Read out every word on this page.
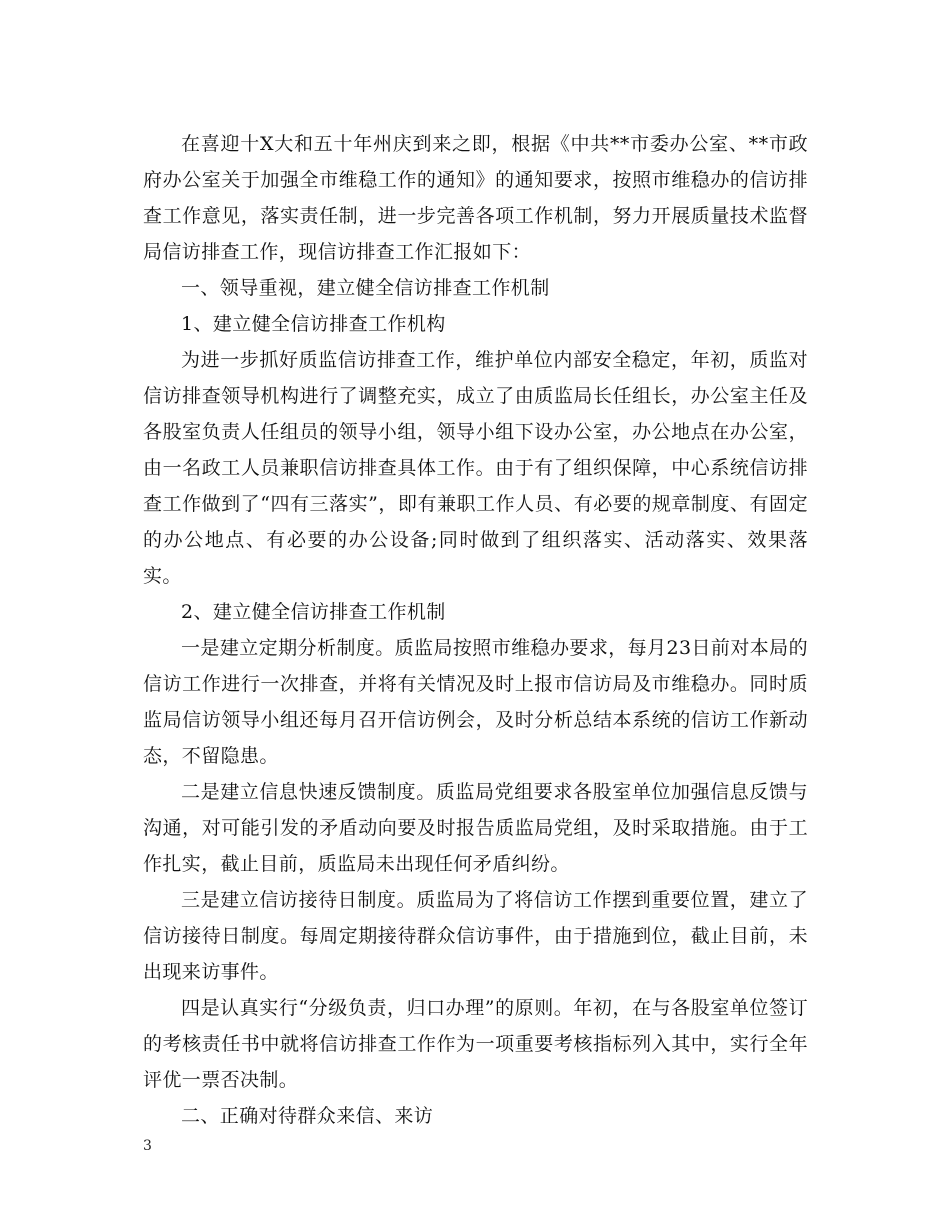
在喜迎十X大和五十年州庆到来之即，根据《中共**市委办公室、**市政府办公室关于加强全市维稳工作的通知》的通知要求，按照市维稳办的信访排查工作意见，落实责任制，进一步完善各项工作机制，努力开展质量技术监督局信访排查工作，现信访排查工作汇报如下：

一、领导重视，建立健全信访排查工作机制

1、建立健全信访排查工作机构

为进一步抓好质监信访排查工作，维护单位内部安全稳定，年初，质监对信访排查领导机构进行了调整充实，成立了由质监局长任组长，办公室主任及各股室负责人任组员的领导小组，领导小组下设办公室，办公地点在办公室，由一名政工人员兼职信访排查具体工作。由于有了组织保障，中心系统信访排查工作做到了“四有三落实”，即有兼职工作人员、有必要的规章制度、有固定的办公地点、有必要的办公设备;同时做到了组织落实、活动落实、效果落实。

2、建立健全信访排查工作机制

一是建立定期分析制度。质监局按照市维稳办要求，每月23日前对本局的信访工作进行一次排查，并将有关情况及时上报市信访局及市维稳办。同时质监局信访领导小组还每月召开信访例会，及时分析总结本系统的信访工作新动态，不留隐患。

二是建立信息快速反馈制度。质监局党组要求各股室单位加强信息反馈与沟通，对可能引发的矛盾动向要及时报告质监局党组，及时采取措施。由于工作扎实，截止目前，质监局未出现任何矛盾纠纷。

三是建立信访接待日制度。质监局为了将信访工作摆到重要位置，建立了信访接待日制度。每周定期接待群众信访事件，由于措施到位，截止目前，未出现来访事件。

四是认真实行“分级负责，归口办理”的原则。年初，在与各股室单位签订的考核责任书中就将信访排查工作作为一项重要考核指标列入其中，实行全年评优一票否决制。

二、正确对待群众来信、来访

3
